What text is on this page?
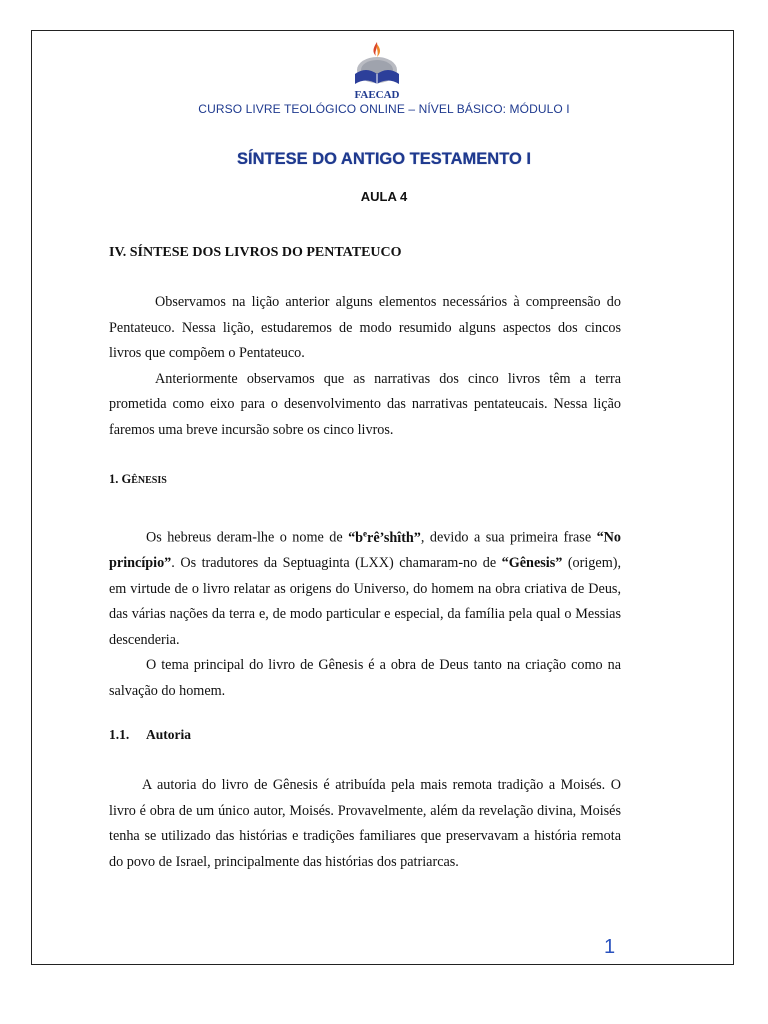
FAECAD
CURSO LIVRE TEOLÓGICO ONLINE – NÍVEL BÁSICO: MÓDULO I
SÍNTESE DO ANTIGO TESTAMENTO I
AULA 4
IV. SÍNTESE DOS LIVROS DO PENTATEUCO

Observamos na lição anterior alguns elementos necessários à compreensão do Pentateuco. Nessa lição, estudaremos de modo resumido alguns aspectos dos cincos livros que compõem o Pentateuco.

Anteriormente observamos que as narrativas dos cinco livros têm a terra prometida como eixo para o desenvolvimento das narrativas pentateucais. Nessa lição faremos uma breve incursão sobre os cinco livros.

1. GÊNESIS

Os hebreus deram-lhe o nome de “$b^erê’shîth$”, devido a sua primeira frase “No princípio”. Os tradutores da Septuaginta (LXX) chamaram-no de “Gênesis” (origem), em virtude de o livro relatar as origens do Universo, do homem na obra criativa de Deus, das várias nações da terra e, de modo particular e especial, da família pela qual o Messias descenderia.

O tema principal do livro de Gênesis é a obra de Deus tanto na criação como na salvação do homem.

1.1. Autoria

A autoria do livro de Gênesis é atribuída pela mais remota tradição a Moisés. O livro é obra de um único autor, Moisés. Provavelmente, além da revelação divina, Moisés tenha se utilizado das histórias e tradições familiares que preservavam a história remota do povo de Israel, principalmente das histórias dos patriarcas.

1
